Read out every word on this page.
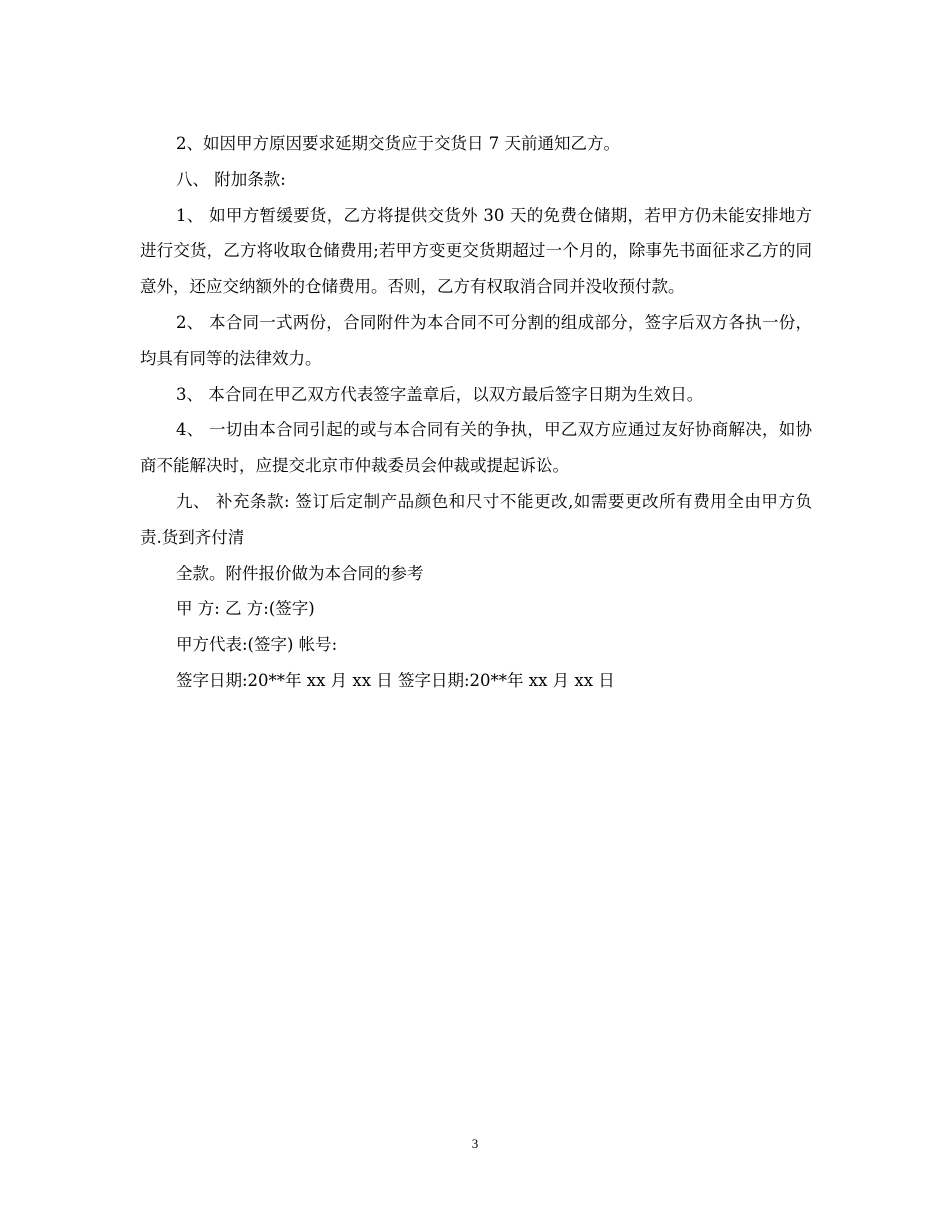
2、如因甲方原因要求延期交货应于交货日 7 天前通知乙方。

八、 附加条款:

1、 如甲方暂缓要货，乙方将提供交货外 30 天的免费仓储期，若甲方仍未能安排地方进行交货，乙方将收取仓储费用;若甲方变更交货期超过一个月的，除事先书面征求乙方的同意外，还应交纳额外的仓储费用。否则，乙方有权取消合同并没收预付款。

2、 本合同一式两份，合同附件为本合同不可分割的组成部分，签字后双方各执一份，均具有同等的法律效力。

3、 本合同在甲乙双方代表签字盖章后，以双方最后签字日期为生效日。

4、 一切由本合同引起的或与本合同有关的争执，甲乙双方应通过友好协商解决，如协商不能解决时，应提交北京市仲裁委员会仲裁或提起诉讼。

九、 补充条款: 签订后定制产品颜色和尺寸不能更改,如需要更改所有费用全由甲方负责.货到齐付清

全款。附件报价做为本合同的参考

甲 方: 乙 方:(签字)

甲方代表:(签字) 帐号:

签字日期:20**年 xx 月 xx 日 签字日期:20**年 xx 月 xx 日

3
